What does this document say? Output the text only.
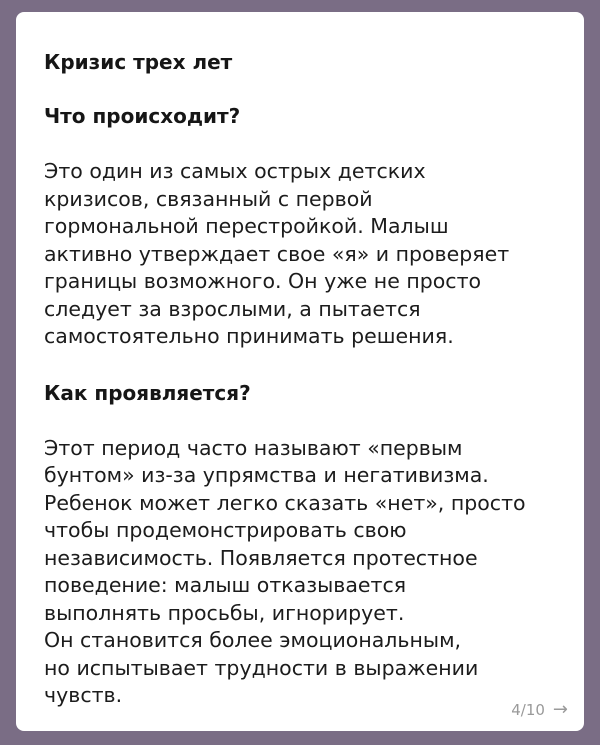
Кризис трех лет
Что происходит?

Это один из самых острых детских
кризисов, связанный с первой
гормональной перестройкой. Малыш
активно утверждает свое «я» и проверяет
границы возможного. Он уже не просто
следует за взрослыми, а пытается
самостоятельно принимать решения.

Как проявляется?

Этот период часто называют «первым
бунтом» из-за упрямства и негативизма.
Ребенок может легко сказать «нет», просто
чтобы продемонстрировать свою
независимость. Появляется протестное
поведение: малыш отказывается
выполнять просьбы, игнорирует.
Он становится более эмоциональным,
но испытывает трудности в выражении
чувств.

4/10 →
